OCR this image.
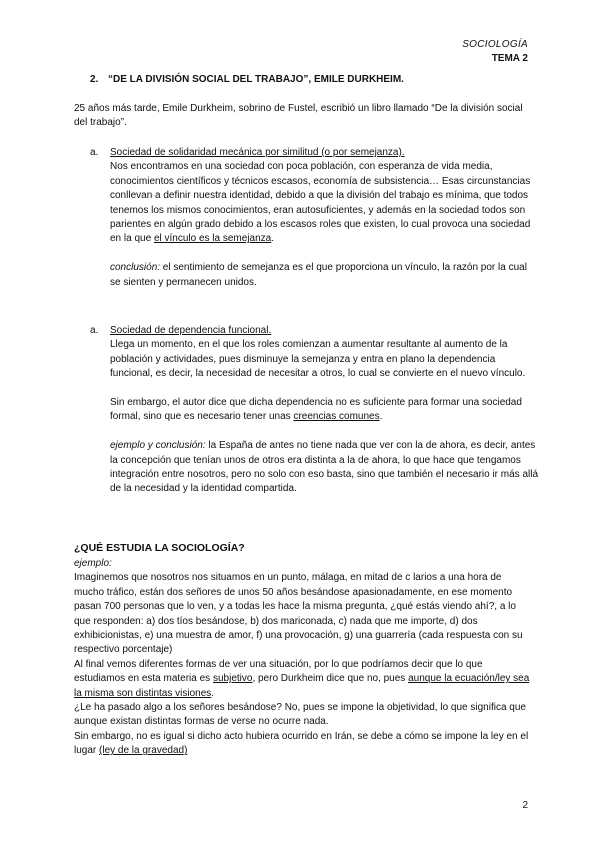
SOCIOLOGÍA
TEMA 2
2. “DE LA DIVISIÓN SOCIAL DEL TRABAJO”, EMILE DURKHEIM.
25 años más tarde, Emile Durkheim, sobrino de Fustel, escribió un libro llamado “De la división social del trabajo”.
a. Sociedad de solidaridad mecánica por similitud (o por semejanza).
Nos encontramos en una sociedad con poca población, con esperanza de vida media, conocimientos científicos y técnicos escasos, economía de subsistencia… Esas circunstancias conllevan a definir nuestra identidad, debido a que la división del trabajo es mínima, que todos tenemos los mismos conocimientos, eran autosuficientes, y además en la sociedad todos son parientes en algún grado debido a los escasos roles que existen, lo cual provoca una sociedad en la que el vínculo es la semejanza.
conclusión: el sentimiento de semejanza es el que proporciona un vínculo, la razón por la cual se sienten y permanecen unidos.
a. Sociedad de dependencia funcional.
Llega un momento, en el que los roles comienzan a aumentar resultante al aumento de la población y actividades, pues disminuye la semejanza y entra en plano la dependencia funcional, es decir, la necesidad de necesitar a otros, lo cual se convierte en el nuevo vínculo.
Sin embargo, el autor dice que dicha dependencia no es suficiente para formar una sociedad formal, sino que es necesario tener unas creencias comunes.
ejemplo y conclusión: la España de antes no tiene nada que ver con la de ahora, es decir, antes la concepción que tenían unos de otros era distinta a la de ahora, lo que hace que tengamos integración entre nosotros, pero no solo con eso basta, sino que también el necesario ir más allá de la necesidad y la identidad compartida.
¿QUÉ ESTUDIA LA SOCIOLOGÍA?
ejemplo:
Imaginemos que nosotros nos situamos en un punto, málaga, en mitad de c larios a una hora de mucho tráfico, están dos señores de unos 50 años besándose apasionadamente, en ese momento pasan 700 personas que lo ven, y a todas les hace la misma pregunta, ¿qué estás viendo ahí?, a lo que responden: a) dos tíos besándose, b) dos mariconada, c) nada que me importe, d) dos exhibicionistas, e) una muestra de amor, f) una provocación, g) una guarrería (cada respuesta con su respectivo porcentaje)
Al final vemos diferentes formas de ver una situación, por lo que podríamos decir que lo que estudiamos en esta materia es subjetivo, pero Durkheim dice que no, pues aunque la ecuación/ley sea la misma son distintas visiones.
¿Le ha pasado algo a los señores besándose? No, pues se impone la objetividad, lo que significa que aunque existan distintas formas de verse no ocurre nada.
Sin embargo, no es igual si dicho acto hubiera ocurrido en Irán, se debe a cómo se impone la ley en el lugar (ley de la gravedad)
2
